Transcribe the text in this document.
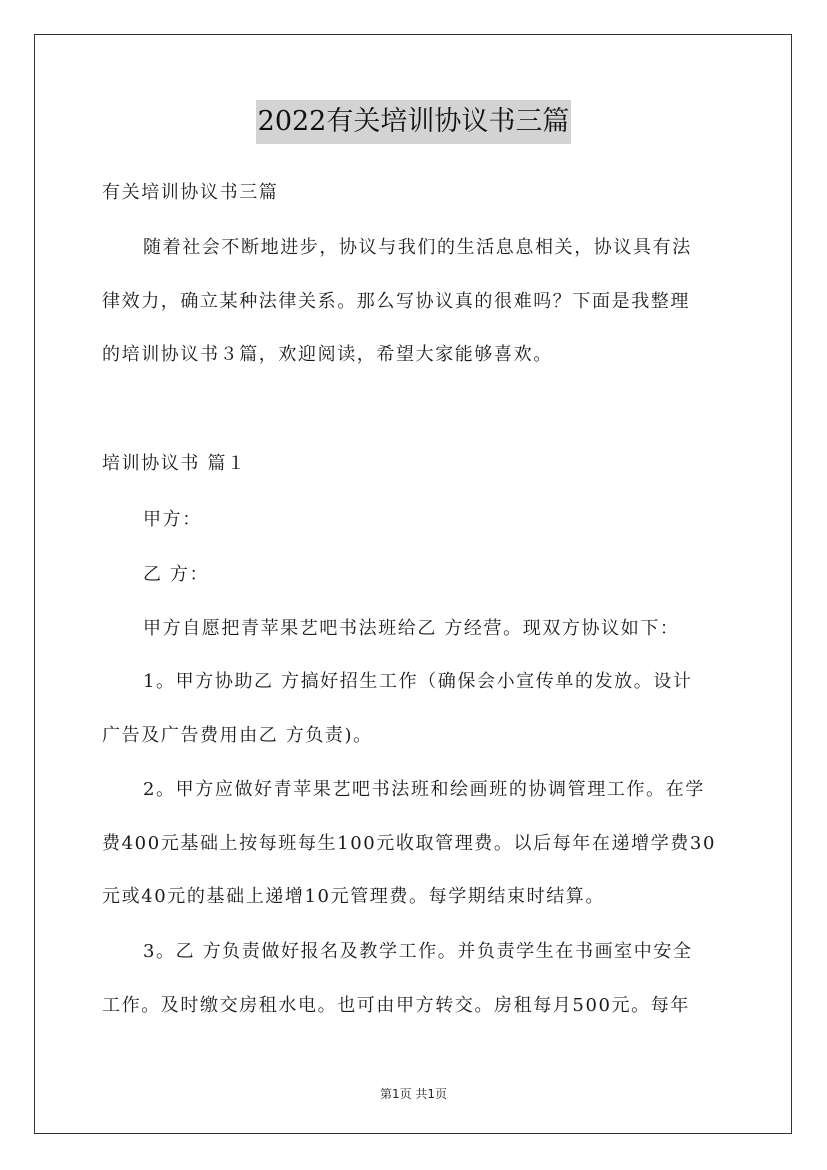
2022有关培训协议书三篇
有关培训协议书三篇
随着社会不断地进步，协议与我们的生活息息相关，协议具有法
律效力，确立某种法律关系。那么写协议真的很难吗？下面是我整理
的培训协议书３篇，欢迎阅读，希望大家能够喜欢。
培训协议书 篇１
甲方：
乙 方：
甲方自愿把青苹果艺吧书法班给乙 方经营。现双方协议如下：
1。甲方协助乙 方搞好招生工作（确保会小宣传单的发放。设计
广告及广告费用由乙 方负责)。
2。甲方应做好青苹果艺吧书法班和绘画班的协调管理工作。在学
费400元基础上按每班每生100元收取管理费。以后每年在递增学费30
元或40元的基础上递增10元管理费。每学期结束时结算。
3。乙 方负责做好报名及教学工作。并负责学生在书画室中安全
工作。及时缴交房租水电。也可由甲方转交。房租每月500元。每年
第1页 共1页
